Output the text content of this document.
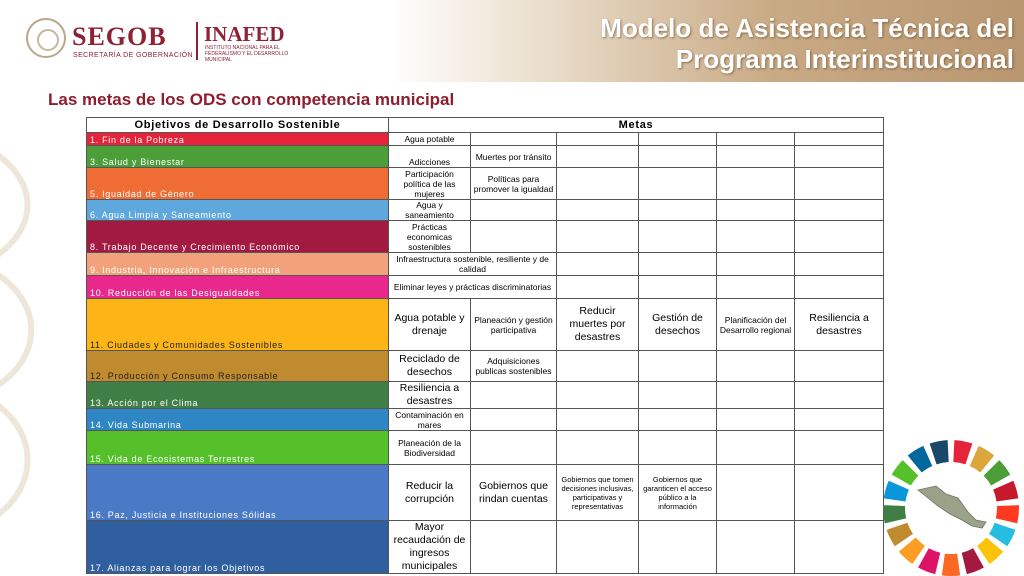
SEGOB
SECRETARÍA DE GOBERNACIÓN
INAFED
INSTITUTO NACIONAL PARA EL FEDERALISMO Y EL DESARROLLO MUNICIPAL
Modelo de Asistencia Técnica del
Programa Interinstitucional
Las metas de los ODS con competencia municipal
Objetivos de Desarrollo Sostenible	Metas					
1. Fin de la Pobreza	Agua potable					
3. Salud y Bienestar	Adicciones	Muertes por tránsito				
5. Igualdad de Género	Participación política de las mujeres	Políticas para promover la igualdad				
6. Agua Limpia y Saneamiento	Agua y saneamiento					
8. Trabajo Decente y Crecimiento Económico	Prácticas economicas sostenibles					
9. Industria, Innovación e Infraestructura	Infraestructura sostenible, resiliente y de calidad					
10. Reducción de las Desigualdades	Eliminar leyes y prácticas discriminatorias					
11. Ciudades y Comunidades Sostenibles	Agua potable y drenaje	Planeación y gestión participativa	Reducir muertes por desastres	Gestión de desechos	Planificación del Desarrollo regional	Resiliencia a desastres
12. Producción y Consumo Responsable	Reciclado de desechos	Adquisiciones publicas sostenibles				
13. Acción por el Clima	Resiliencia a desastres					
14. Vida Submarina	Contaminación en mares					
15. Vida de Ecosistemas Terrestres	Planeación de la Biodiversidad					
16. Paz, Justicia e Instituciones Sólidas	Reducir la corrupción	Gobiernos que rindan cuentas	Gobiernos que tomen decisiones inclusivas, participativas y representativas	Gobiernos que garanticen el acceso público a la información		
17. Alianzas para lograr los Objetivos	Mayor recaudación de ingresos municipales					
